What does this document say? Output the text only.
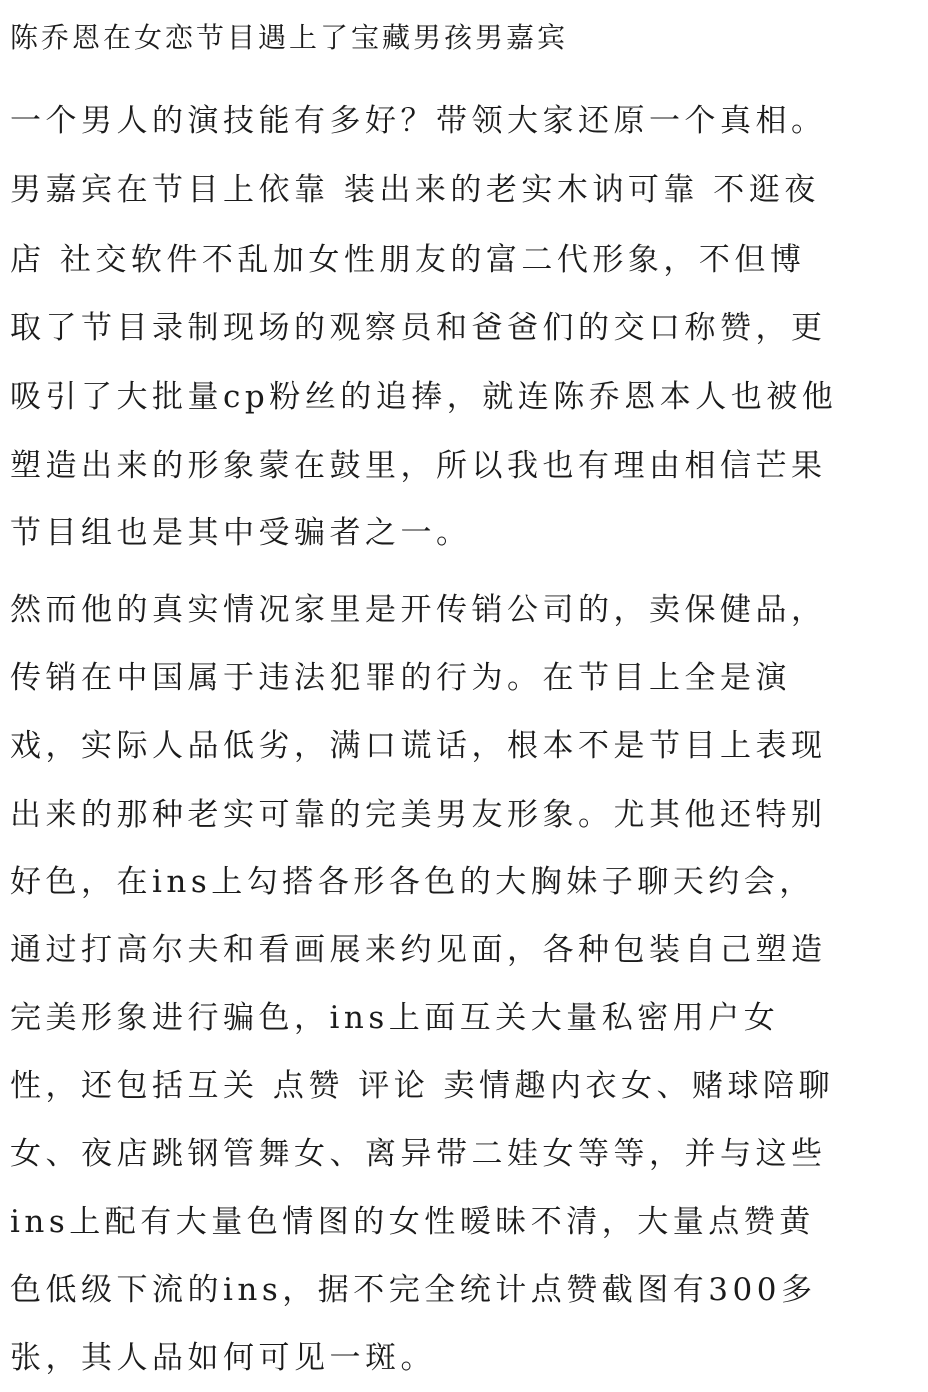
陈乔恩在女恋节目遇上了宝藏男孩男嘉宾
一个男人的演技能有多好？带领大家还原一个真相。
男嘉宾在节目上依靠 装出来的老实木讷可靠 不逛夜
店 社交软件不乱加女性朋友的富二代形象，不但博
取了节目录制现场的观察员和爸爸们的交口称赞，更
吸引了大批量cp粉丝的追捧，就连陈乔恩本人也被他
塑造出来的形象蒙在鼓里，所以我也有理由相信芒果
节目组也是其中受骗者之一。
然而他的真实情况家里是开传销公司的，卖保健品，
传销在中国属于违法犯罪的行为。在节目上全是演
戏，实际人品低劣，满口谎话，根本不是节目上表现
出来的那种老实可靠的完美男友形象。尤其他还特别
好色，在ins上勾搭各形各色的大胸妹子聊天约会，
通过打高尔夫和看画展来约见面，各种包装自己塑造
完美形象进行骗色，ins上面互关大量私密用户女
性，还包括互关 点赞 评论 卖情趣内衣女、赌球陪聊
女、夜店跳钢管舞女、离异带二娃女等等，并与这些
ins上配有大量色情图的女性暧昧不清，大量点赞黄
色低级下流的ins，据不完全统计点赞截图有300多
张，其人品如何可见一斑。
